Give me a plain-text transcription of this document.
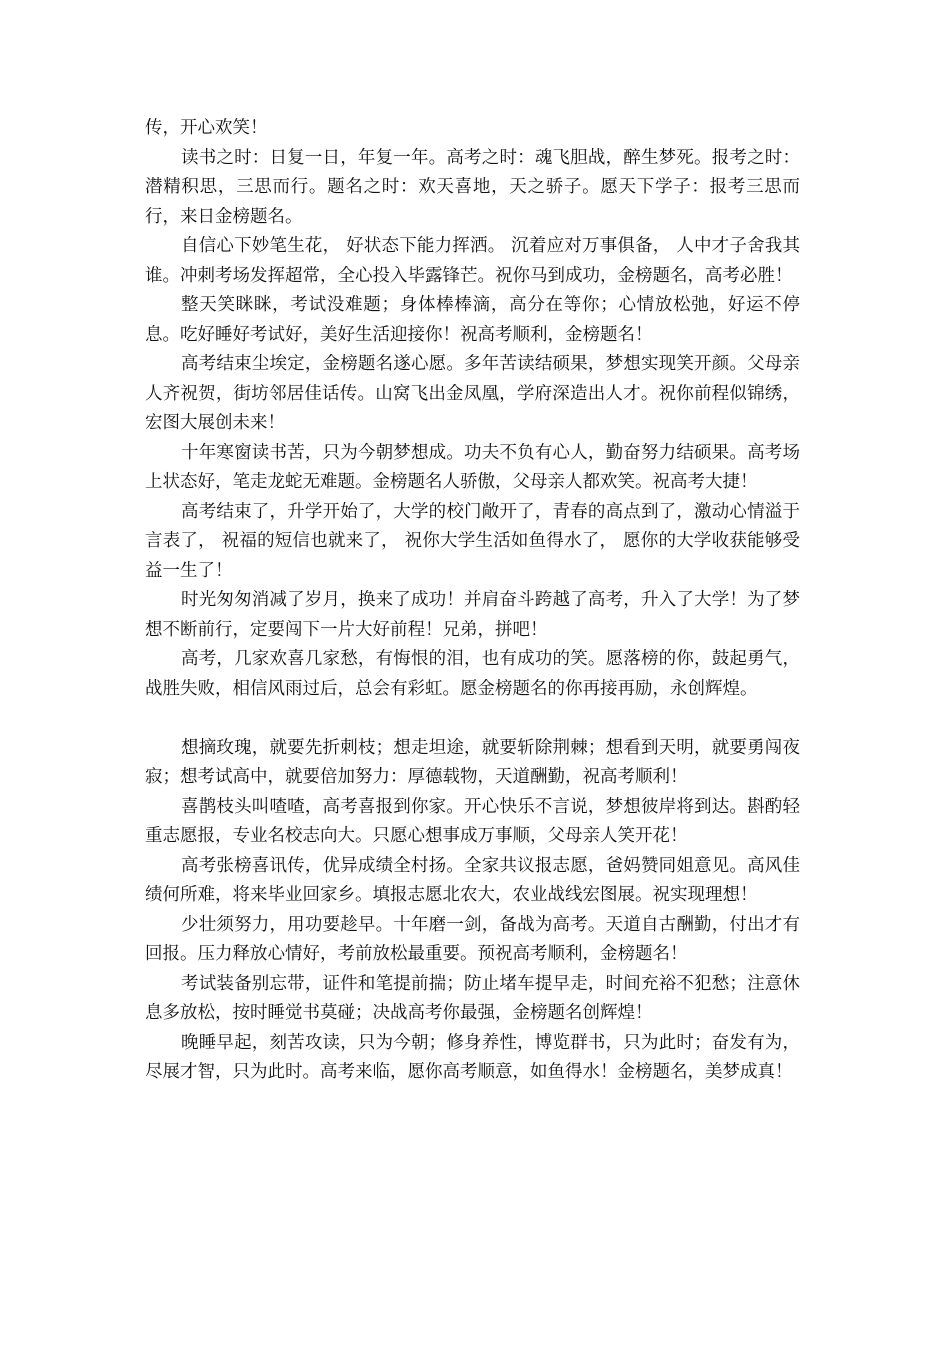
传，开心欢笑！

读书之时：日复一日，年复一年。高考之时：魂飞胆战，醉生梦死。报考之时：潜精积思，三思而行。题名之时：欢天喜地，天之骄子。愿天下学子：报考三思而行，来日金榜题名。

自信心下妙笔生花， 好状态下能力挥洒。 沉着应对万事俱备， 人中才子舍我其谁。冲刺考场发挥超常，全心投入毕露锋芒。祝你马到成功，金榜题名，高考必胜！

整天笑眯眯，考试没难题；身体棒棒滴，高分在等你；心情放松弛，好运不停息。吃好睡好考试好，美好生活迎接你！祝高考顺利，金榜题名！

高考结束尘埃定，金榜题名遂心愿。多年苦读结硕果，梦想实现笑开颜。父母亲人齐祝贺，街坊邻居佳话传。山窝飞出金凤凰，学府深造出人才。祝你前程似锦绣，宏图大展创未来！

十年寒窗读书苦，只为今朝梦想成。功夫不负有心人，勤奋努力结硕果。高考场上状态好，笔走龙蛇无难题。金榜题名人骄傲，父母亲人都欢笑。祝高考大捷！

高考结束了，升学开始了，大学的校门敞开了，青春的高点到了，激动心情溢于言表了， 祝福的短信也就来了， 祝你大学生活如鱼得水了， 愿你的大学收获能够受益一生了！

时光匆匆消减了岁月，换来了成功！并肩奋斗跨越了高考，升入了大学！为了梦想不断前行，定要闯下一片大好前程！兄弟，拼吧！

高考，几家欢喜几家愁，有悔恨的泪，也有成功的笑。愿落榜的你，鼓起勇气，战胜失败，相信风雨过后，总会有彩虹。愿金榜题名的你再接再励，永创辉煌。

想摘玫瑰，就要先折刺枝；想走坦途，就要斩除荆棘；想看到天明，就要勇闯夜寂；想考试高中，就要倍加努力：厚德载物，天道酬勤，祝高考顺利！

喜鹊枝头叫喳喳，高考喜报到你家。开心快乐不言说，梦想彼岸将到达。斟酌轻重志愿报，专业名校志向大。只愿心想事成万事顺，父母亲人笑开花！

高考张榜喜讯传，优异成绩全村扬。全家共议报志愿，爸妈赞同姐意见。高风佳绩何所难，将来毕业回家乡。填报志愿北农大，农业战线宏图展。祝实现理想！

少壮须努力，用功要趁早。十年磨一剑，备战为高考。天道自古酬勤，付出才有回报。压力释放心情好，考前放松最重要。预祝高考顺利，金榜题名！

考试装备别忘带，证件和笔提前揣；防止堵车提早走，时间充裕不犯愁；注意休息多放松，按时睡觉书莫碰；决战高考你最强，金榜题名创辉煌！

晚睡早起，刻苦攻读，只为今朝；修身养性，博览群书，只为此时；奋发有为，尽展才智，只为此时。高考来临，愿你高考顺意，如鱼得水！金榜题名，美梦成真！
